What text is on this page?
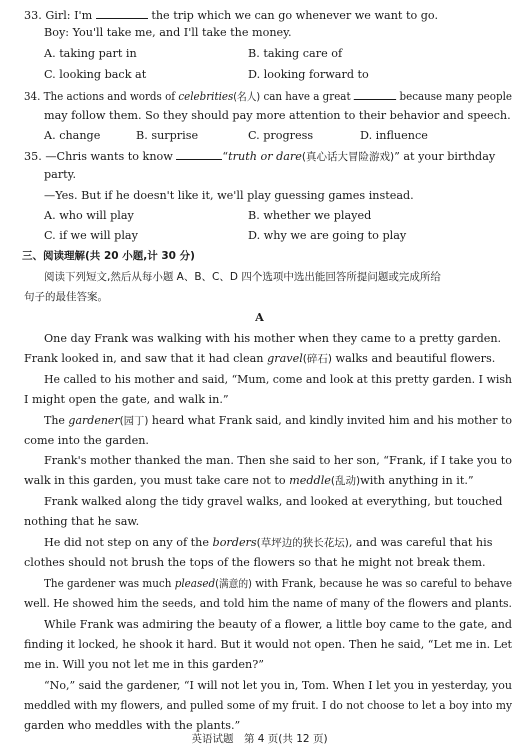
33. Girl: I'm	the trip which we can go whenever we want to go.
Boy: You'll take me, and I'll take the money.
A. taking part in	B. taking care of
C. looking back at	D. looking forward to
34. The actions and words of celebrities(名人) can have a great	because many people
may follow them. So they should pay more attention to their behavior and speech.
A. change	B. surprise	C. progress	D. influence
35. —Chris wants to know	“truth or dare(真心话大冒险游戏)” at your birthday
party.
—Yes. But if he doesn't like it, we'll play guessing games instead.
A. who will play	B. whether we played
C. if we will play	D. why we are going to play
三、阅读理解(共 20 小题,计 30 分)
阅读下列短文,然后从每小题 A、B、C、D 四个选项中选出能回答所提问题或完成所给
句子的最佳答案。
A
One day Frank was walking with his mother when they came to a pretty garden.
Frank looked in, and saw that it had clean gravel(碎石) walks and beautiful flowers.
He called to his mother and said, “Mum, come and look at this pretty garden. I wish
I might open the gate, and walk in.”
The gardener(园丁) heard what Frank said, and kindly invited him and his mother to
come into the garden.
Frank's mother thanked the man. Then she said to her son, “Frank, if I take you to
walk in this garden, you must take care not to meddle(乱动)with anything in it.”
Frank walked along the tidy gravel walks, and looked at everything, but touched
nothing that he saw.
He did not step on any of the borders(草坪边的狭长花坛), and was careful that his
clothes should not brush the tops of the flowers so that he might not break them.
The gardener was much pleased(满意的) with Frank, because he was so careful to behave
well. He showed him the seeds, and told him the name of many of the flowers and plants.
While Frank was admiring the beauty of a flower, a little boy came to the gate, and
finding it locked, he shook it hard. But it would not open. Then he said, “Let me in. Let
me in. Will you not let me in this garden?”
“No,” said the gardener, “I will not let you in, Tom. When I let you in yesterday, you
meddled with my flowers, and pulled some of my fruit. I do not choose to let a boy into my
garden who meddles with the plants.”
英语试题　第 4 页(共 12 页)
